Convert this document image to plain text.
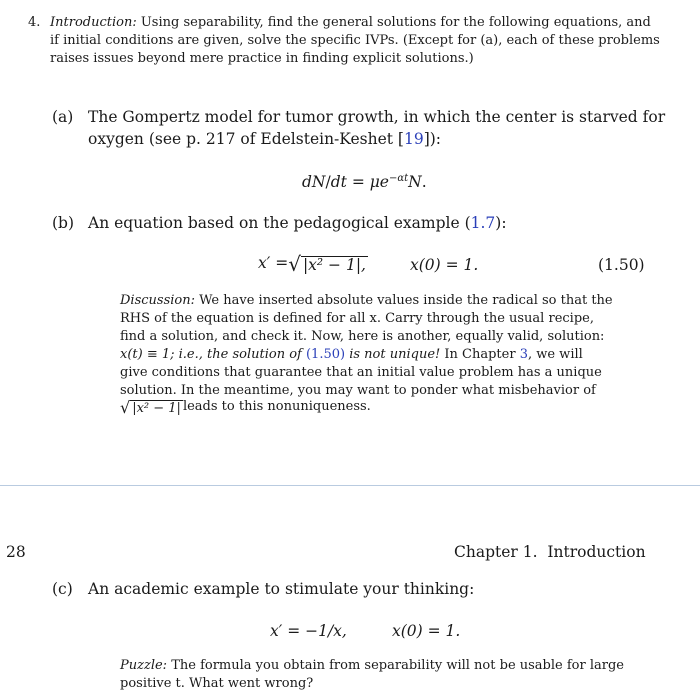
4. Introduction: Using separability, find the general solutions for the following equations, and
if initial conditions are given, solve the specific IVPs. (Except for (a), each of these problems
raises issues beyond mere practice in finding explicit solutions.)
(a) The Gompertz model for tumor growth, in which the center is starved for
oxygen (see p. 217 of Edelstein-Keshet [19]):
$dN/dt = \mu e^{-\alpha t}N$.
(b) An equation based on the pedagogical example (1.7):
x′ = √ |x² − 1|,	x(0) = 1.	(1.50)
Discussion: We have inserted absolute values inside the radical so that the
RHS of the equation is defined for all x. Carry through the usual recipe,
find a solution, and check it. Now, here is another, equally valid, solution:
x(t) ≡ 1; i.e., the solution of (1.50) is not unique! In Chapter 3, we will
give conditions that guarantee that an initial value problem has a unique
solution. In the meantime, you may want to ponder what misbehavior of
√ |x² − 1| leads to this nonuniqueness.
28	Chapter 1.  Introduction
(c) An academic example to stimulate your thinking:
x′ = −1/x,	x(0) = 1.
Puzzle: The formula you obtain from separability will not be usable for large
positive t. What went wrong?
